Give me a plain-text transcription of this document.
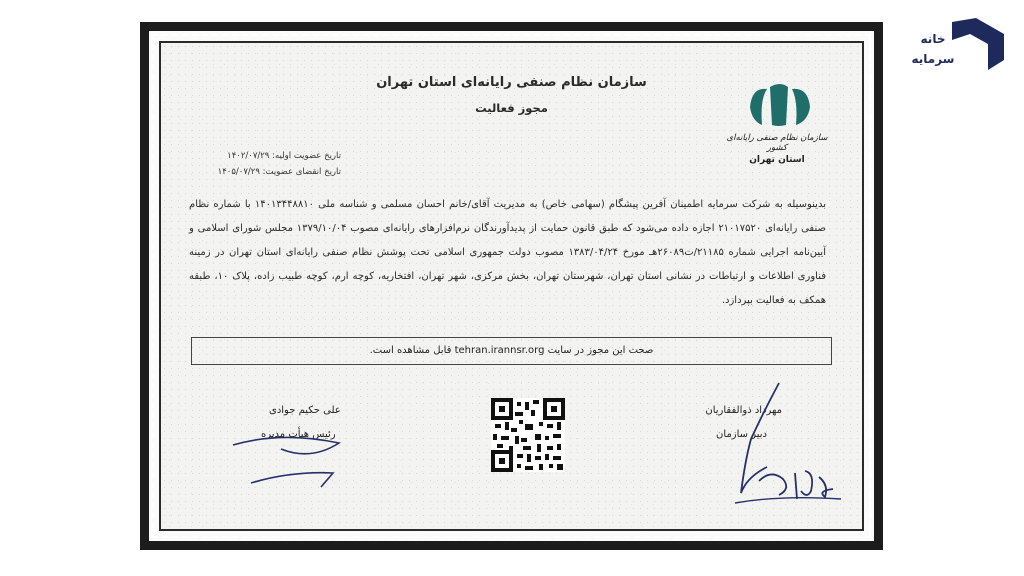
سازمان نظام صنفی رایانه‌ای استان تهران
مجوز فعالیت
تاریخ عضویت اولیه: ۱۴۰۲/۰۷/۲۹
تاریخ انقضای عضویت: ۱۴۰۵/۰۷/۲۹
سازمان نظام صنفی رایانه‌ای کشور
استان تهران
بدینوسیله به شرکت سرمایه اطمینان آفرین پیشگام (سهامی خاص) به مدیریت آقای/خانم احسان مسلمی و شناسه ملی ۱۴۰۱۳۴۴۸۸۱۰ با شماره نظام صنفی رایانه‌ای ۲۱۰۱۷۵۲۰ اجازه داده می‌شود که طبق قانون حمایت از پدیدآورندگان نرم‌افزارهای رایانه‌ای مصوب ۱۳۷۹/۱۰/۰۴ مجلس شورای اسلامی و آیین‌نامه اجرایی شماره ۲۱۱۸۵/ت۲۶۰۸۹هـ مورخ ۱۳۸۳/۰۴/۲۴ مصوب دولت جمهوری اسلامی تحت پوشش نظام صنفی رایانه‌ای استان تهران در زمینه فناوری اطلاعات و ارتباطات در نشانی استان تهران، شهرستان تهران، بخش مرکزی، شهر تهران، افتخاریه، کوچه ارم، کوچه طبیب زاده، پلاک ۱۰، طبقه همکف به فعالیت بپردازد.
صحت این مجوز در سایت tehran.irannsr.org قابل مشاهده است.
علی حکیم جوادی
رئیس هیأت مدیره
مهرداد ذوالفقاریان
دبیر سازمان
خانه
سرمایه
